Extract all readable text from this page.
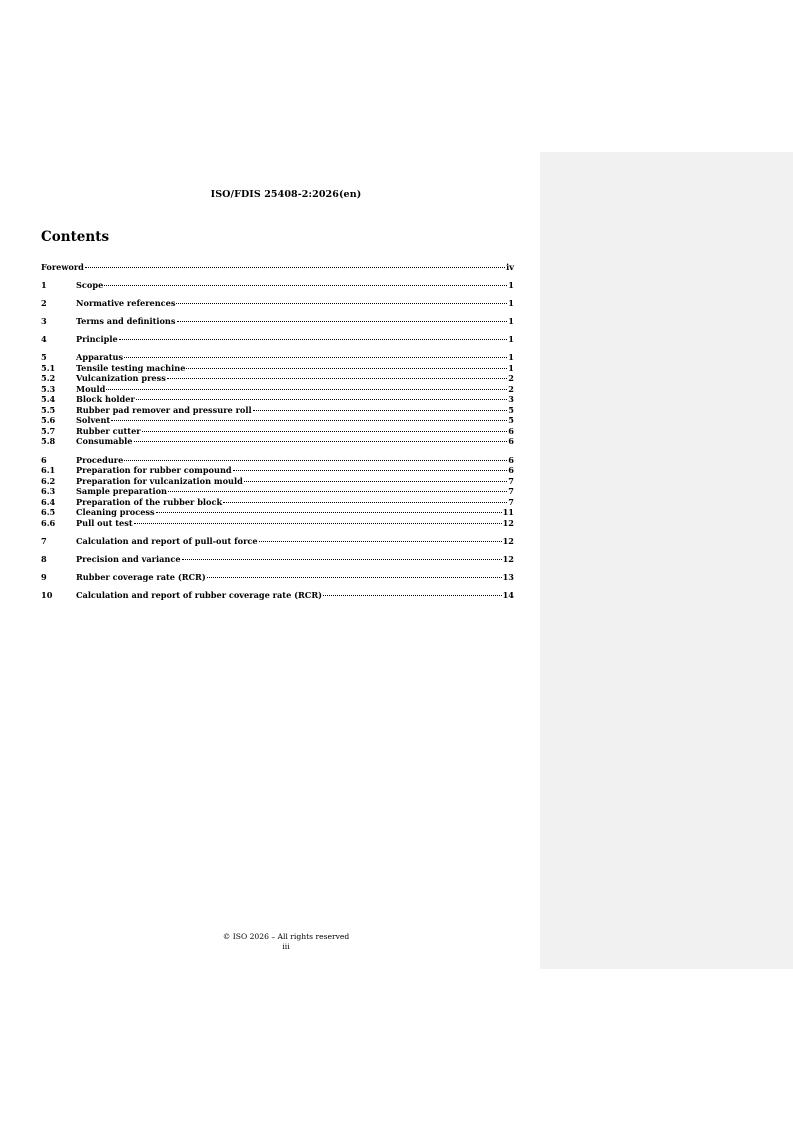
ISO/FDIS 25408-2:2026(en)
Contents
Foreword	iv
1	Scope	1
2	Normative references	1
3	Terms and definitions	1
4	Principle	1
5	Apparatus	1
5.1	Tensile testing machine	1
5.2	Vulcanization press	2
5.3	Mould	2
5.4	Block holder	3
5.5	Rubber pad remover and pressure roll	5
5.6	Solvent	5
5.7	Rubber cutter	6
5.8	Consumable	6
6	Procedure	6
6.1	Preparation for rubber compound	6
6.2	Preparation for vulcanization mould	7
6.3	Sample preparation	7
6.4	Preparation of the rubber block	7
6.5	Cleaning process	11
6.6	Pull out test	12
7	Calculation and report of pull-out force	12
8	Precision and variance	12
9	Rubber coverage rate (RCR)	13
10	Calculation and report of rubber coverage rate (RCR)	14
© ISO 2026 – All rights reserved
iii
